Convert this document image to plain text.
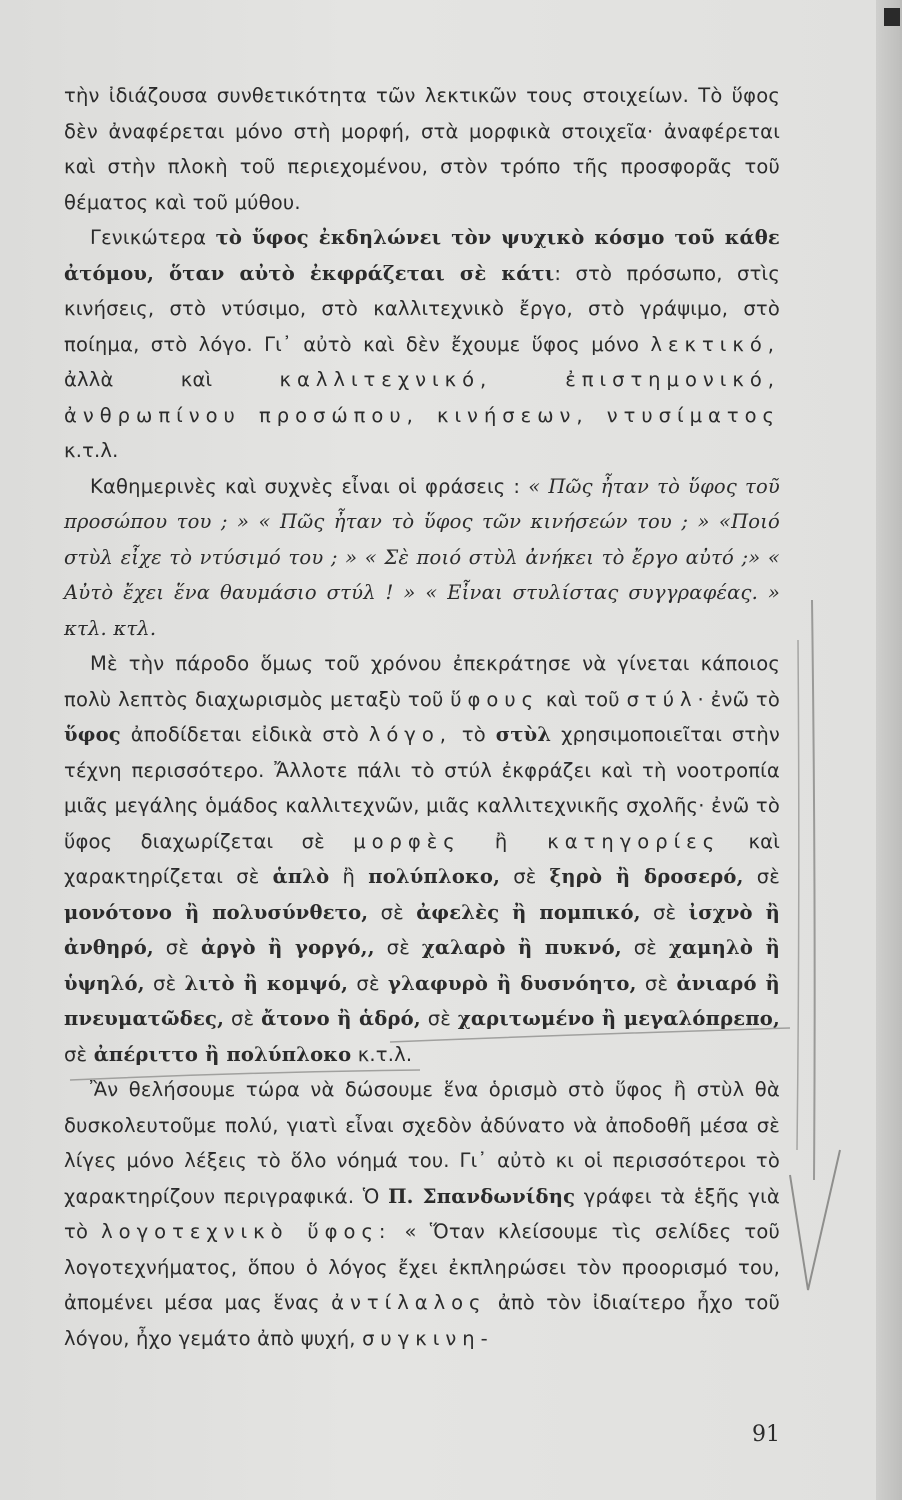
τὴν ἰδιάζουσα συνθετικότητα τῶν λεκτικῶν τους στοιχείων. Τὸ ὕφος δὲν ἀναφέρεται μόνο στὴ μορφή, στὰ μορφικὰ στοιχεῖα· ἀναφέρεται καὶ στὴν πλοκὴ τοῦ περιεχομένου, στὸν τρόπο τῆς προσφορᾶς τοῦ θέματος καὶ τοῦ μύθου.

Γενικώτερα τὸ ὕφος ἐκδηλώνει τὸν ψυχικὸ κόσμο τοῦ κάθε ἀτόμου, ὅταν αὐτὸ ἐκφράζεται σὲ κάτι: στὸ πρόσωπο, στὶς κινήσεις, στὸ ντύσιμο, στὸ καλλιτεχνικὸ ἔργο, στὸ γράψιμο, στὸ ποίημα, στὸ λόγο. Γι᾽ αὐτὸ καὶ δὲν ἔχουμε ὕφος μόνο λεκτικό, ἀλλὰ καὶ καλλιτεχνικό, ἐπιστημονικό, ἀνθρωπίνου προσώπου, κινήσεων, ντυσίματος κ.τ.λ.

Καθημερινὲς καὶ συχνὲς εἶναι οἱ φράσεις : « Πῶς ἦταν τὸ ὕφος τοῦ προσώπου του ; » « Πῶς ἦταν τὸ ὕφος τῶν κινήσεών του ; » «Ποιό στὺλ εἶχε τὸ ντύσιμό του ; » « Σὲ ποιό στὺλ ἀνήκει τὸ ἔργο αὐτό ;» « Αὐτὸ ἔχει ἕνα θαυμάσιο στύλ ! » « Εἶναι στυλίστας συγγραφέας. » κτλ. κτλ.

Μὲ τὴν πάροδο ὅμως τοῦ χρόνου ἐπεκράτησε νὰ γίνεται κάποιος πολὺ λεπτὸς διαχωρισμὸς μεταξὺ τοῦ ὕφους καὶ τοῦ στύλ· ἐνῶ τὸ ὕφος ἀποδίδεται εἰδικὰ στὸ λόγο, τὸ στὺλ χρησιμοποιεῖται στὴν τέχνη περισσότερο. Ἄλλοτε πάλι τὸ στύλ ἐκφράζει καὶ τὴ νοοτροπία μιᾶς μεγάλης ὁμάδος καλλιτεχνῶν, μιᾶς καλλιτεχνικῆς σχολῆς· ἐνῶ τὸ ὕφος διαχωρίζεται σὲ μορφὲς ἢ κατηγορίες καὶ χαρακτηρίζεται σὲ ἁπλὸ ἢ πολύπλοκο, σὲ ξηρὸ ἢ δροσερό, σὲ μονότονο ἢ πολυσύνθετο, σὲ ἀφελὲς ἢ πομπικό, σὲ ἰσχνὸ ἢ ἀνθηρό, σὲ ἀργὸ ἢ γοργό,, σὲ χαλαρὸ ἢ πυκνό, σὲ χαμηλὸ ἢ ὑψηλό, σὲ λιτὸ ἢ κομψό, σὲ γλαφυρὸ ἢ δυσνόητο, σὲ ἀνιαρό ἢ πνευματῶδες, σὲ ἄτονο ἢ ἁδρό, σὲ χαριτωμένο ἢ μεγαλόπρεπο, σὲ ἀπέριττο ἢ πολύπλοκο κ.τ.λ.

Ἂν θελήσουμε τώρα νὰ δώσουμε ἕνα ὁρισμὸ στὸ ὕφος ἢ στὺλ θὰ δυσκολευτοῦμε πολύ, γιατὶ εἶναι σχεδὸν ἀδύνατο νὰ ἀποδοθῆ μέσα σὲ λίγες μόνο λέξεις τὸ ὅλο νόημά του. Γι᾽ αὐτὸ κι οἱ περισσότεροι τὸ χαρακτηρίζουν περιγραφικά. Ὁ Π. Σπανδωνίδης γράφει τὰ ἑξῆς γιὰ τὸ λογοτεχνικὸ ὕφος: « Ὅταν κλείσουμε τὶς σελίδες τοῦ λογοτεχνήματος, ὅπου ὁ λόγος ἔχει ἐκπληρώσει τὸν προορισμό του, ἀπομένει μέσα μας ἕνας ἀντίλαλος ἀπὸ τὸν ἰδιαίτερο ἦχο τοῦ λόγου, ἦχο γεμάτο ἀπὸ ψυχή, συγκινη-

91
